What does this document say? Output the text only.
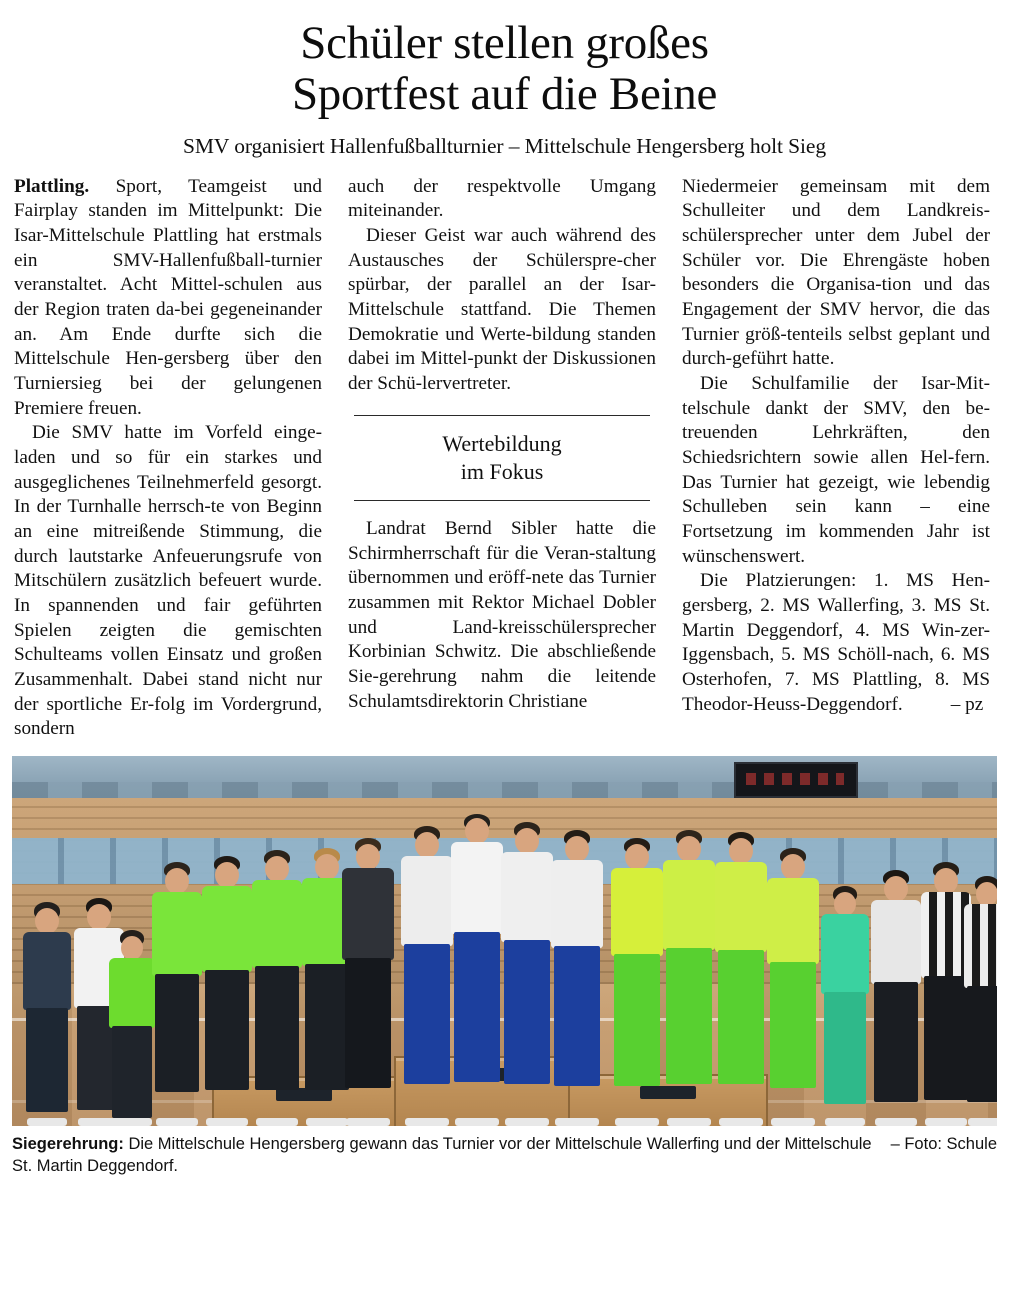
Schüler stellen großes
Sportfest auf die Beine
SMV organisiert Hallenfußballturnier – Mittelschule Hengersberg holt Sieg

Plattling. Sport, Teamgeist und Fairplay standen im Mittelpunkt: Die Isar-Mittelschule Plattling hat erstmals ein SMV-Hallenfußball-turnier veranstaltet. Acht Mittel-schulen aus der Region traten da-bei gegeneinander an. Am Ende durfte sich die Mittelschule Hen-gersberg über den Turniersieg bei der gelungenen Premiere freuen.

Die SMV hatte im Vorfeld einge-laden und so für ein starkes und ausgeglichenes Teilnehmerfeld gesorgt. In der Turnhalle herrsch-te von Beginn an eine mitreißende Stimmung, die durch lautstarke Anfeuerungsrufe von Mitschülern zusätzlich befeuert wurde. In spannenden und fair geführten Spielen zeigten die gemischten Schulteams vollen Einsatz und großen Zusammenhalt. Dabei stand nicht nur der sportliche Er-folg im Vordergrund, sondern

auch der respektvolle Umgang miteinander.

Dieser Geist war auch während des Austausches der Schülerspre-cher spürbar, der parallel an der Isar-Mittelschule stattfand. Die Themen Demokratie und Werte-bildung standen dabei im Mittel-punkt der Diskussionen der Schü-lervertreter.

Wertebildung
im Fokus

Landrat Bernd Sibler hatte die Schirmherrschaft für die Veran-staltung übernommen und eröff-nete das Turnier zusammen mit Rektor Michael Dobler und Land-kreisschülersprecher Korbinian Schwitz. Die abschließende Sie-gerehrung nahm die leitende Schulamtsdirektorin Christiane

Niedermeier gemeinsam mit dem Schulleiter und dem Landkreis-schülersprecher unter dem Jubel der Schüler vor. Die Ehrengäste hoben besonders die Organisa-tion und das Engagement der SMV hervor, die das Turnier größ-tenteils selbst geplant und durch-geführt hatte.

Die Schulfamilie der Isar-Mit-telschule dankt der SMV, den be-treuenden Lehrkräften, den Schiedsrichtern sowie allen Hel-fern. Das Turnier hat gezeigt, wie lebendig Schulleben sein kann – eine Fortsetzung im kommenden Jahr ist wünschenswert.

Die Platzierungen: 1. MS Hen-gersberg, 2. MS Wallerfing, 3. MS St. Martin Deggendorf, 4. MS Win-zer-Iggensbach, 5. MS Schöll-nach, 6. MS Osterhofen, 7. MS Plattling, 8. MS Theodor-Heuss-Deggendorf. – pz

– Foto: Schule
Siegerehrung: Die Mittelschule Hengersberg gewann das Turnier vor der Mittelschule Wallerfing und der Mittelschule St. Martin Deggendorf.
